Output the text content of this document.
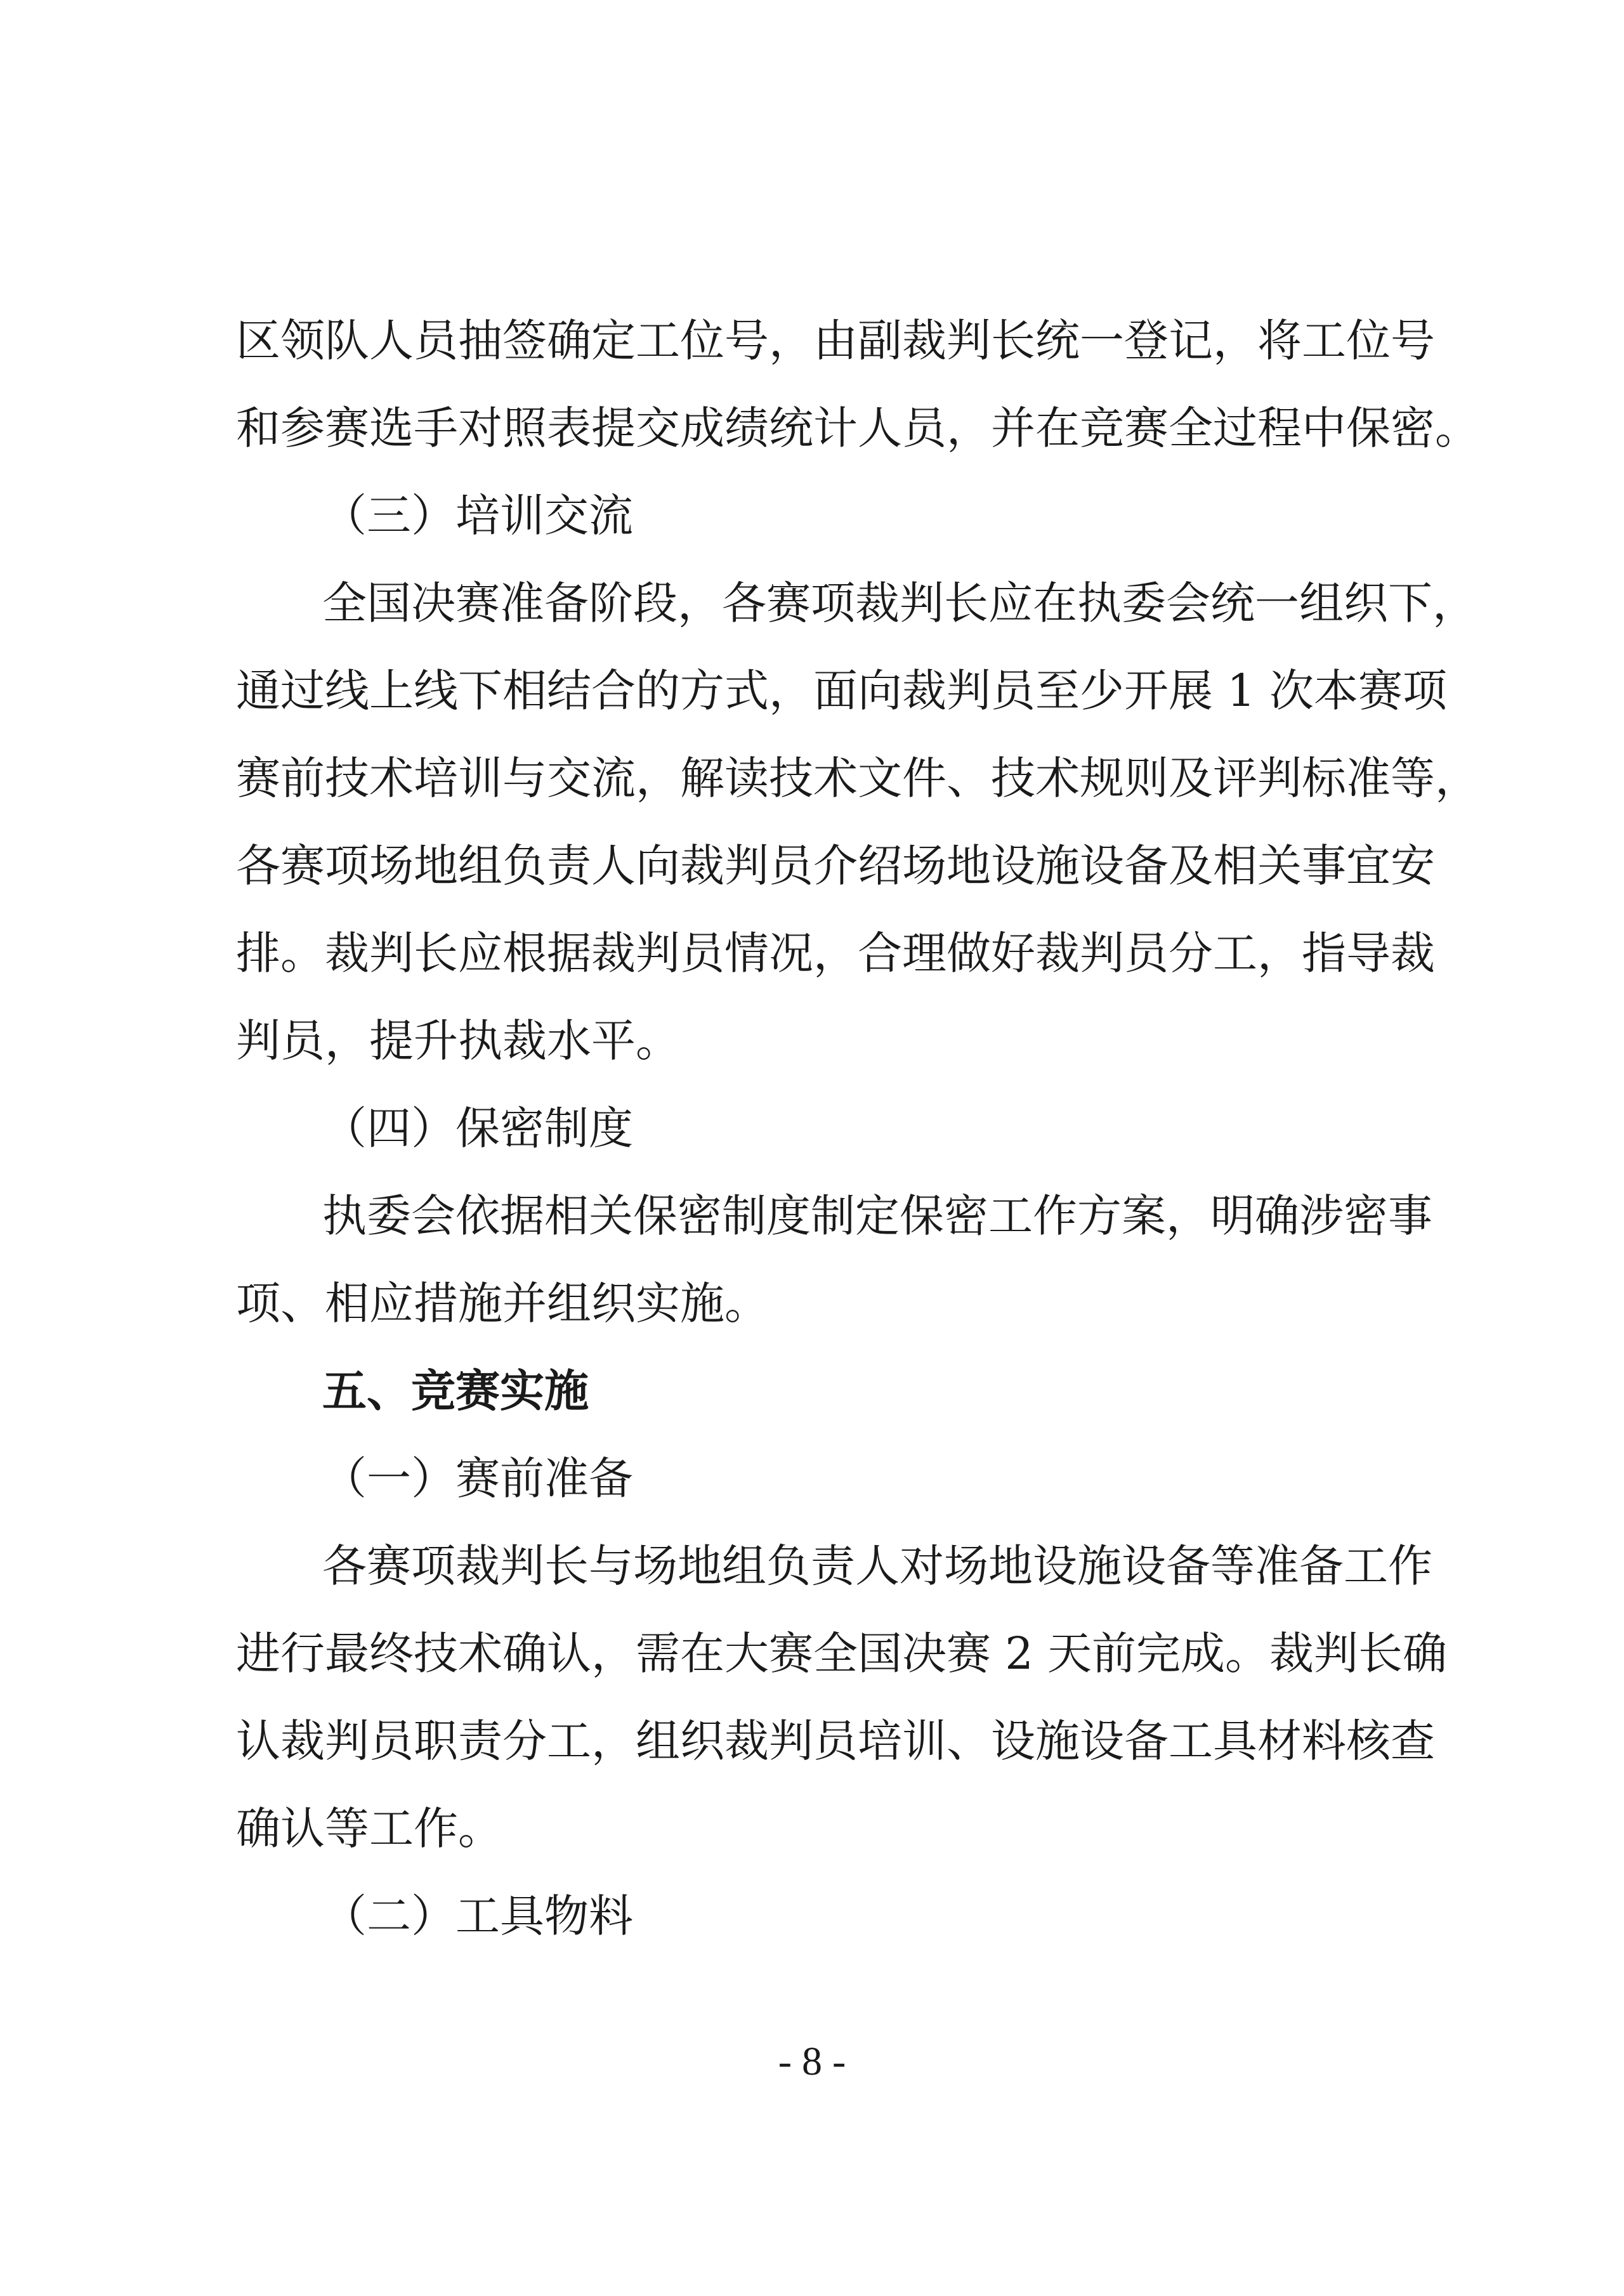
区领队人员抽签确定工位号，由副裁判长统一登记，将工位号
和参赛选手对照表提交成绩统计人员，并在竞赛全过程中保密。
（三）培训交流
全国决赛准备阶段，各赛项裁判长应在执委会统一组织下，
通过线上线下相结合的方式，面向裁判员至少开展 1 次本赛项
赛前技术培训与交流，解读技术文件、技术规则及评判标准等，
各赛项场地组负责人向裁判员介绍场地设施设备及相关事宜安
排。裁判长应根据裁判员情况，合理做好裁判员分工，指导裁
判员，提升执裁水平。
（四）保密制度
执委会依据相关保密制度制定保密工作方案，明确涉密事
项、相应措施并组织实施。
五、竞赛实施
（一）赛前准备
各赛项裁判长与场地组负责人对场地设施设备等准备工作
进行最终技术确认，需在大赛全国决赛 2 天前完成。裁判长确
认裁判员职责分工，组织裁判员培训、设施设备工具材料核查
确认等工作。
（二）工具物料
- 8 -
